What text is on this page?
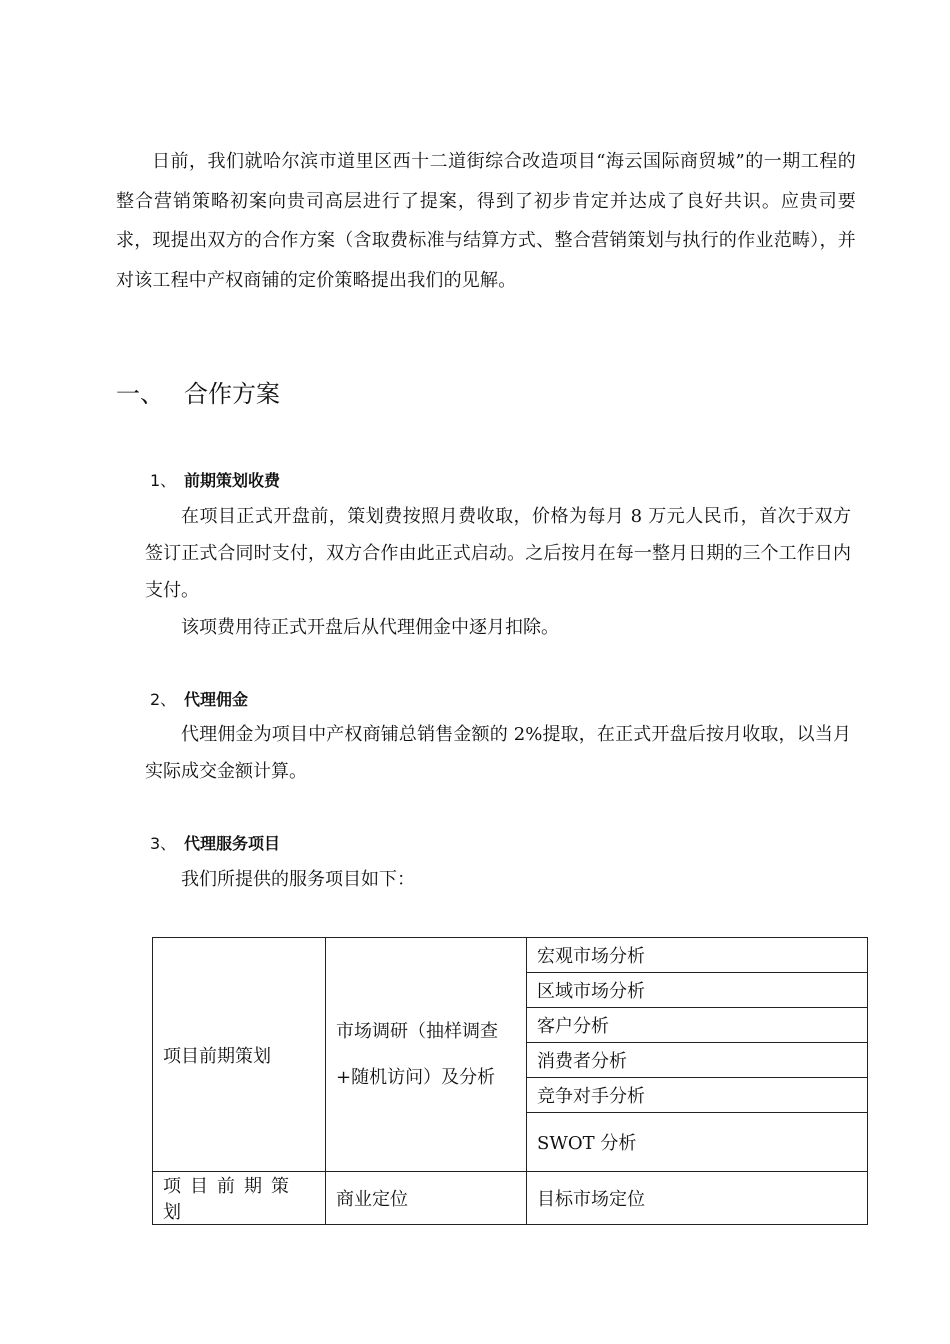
日前，我们就哈尔滨市道里区西十二道街综合改造项目“海云国际商贸城”的一期工程的整合营销策略初案向贵司高层进行了提案，得到了初步肯定并达成了良好共识。应贵司要求，现提出双方的合作方案（含取费标准与结算方式、整合营销策划与执行的作业范畴），并对该工程中产权商铺的定价策略提出我们的见解。

一、 合作方案
1、 前期策划收费

在项目正式开盘前，策划费按照月费收取，价格为每月 8 万元人民币，首次于双方签订正式合同时支付，双方合作由此正式启动。之后按月在每一整月日期的三个工作日内支付。

该项费用待正式开盘后从代理佣金中逐月扣除。

2、 代理佣金

代理佣金为项目中产权商铺总销售金额的 2%提取，在正式开盘后按月收取，以当月实际成交金额计算。

3、 代理服务项目

我们所提供的服务项目如下：

项目前期策划	市场调研（抽样调查+随机访问）及分析	宏观市场分析
		区域市场分析
		客户分析
		消费者分析
		竞争对手分析
		SWOT 分析
项目前期策划	商业定位	目标市场定位
